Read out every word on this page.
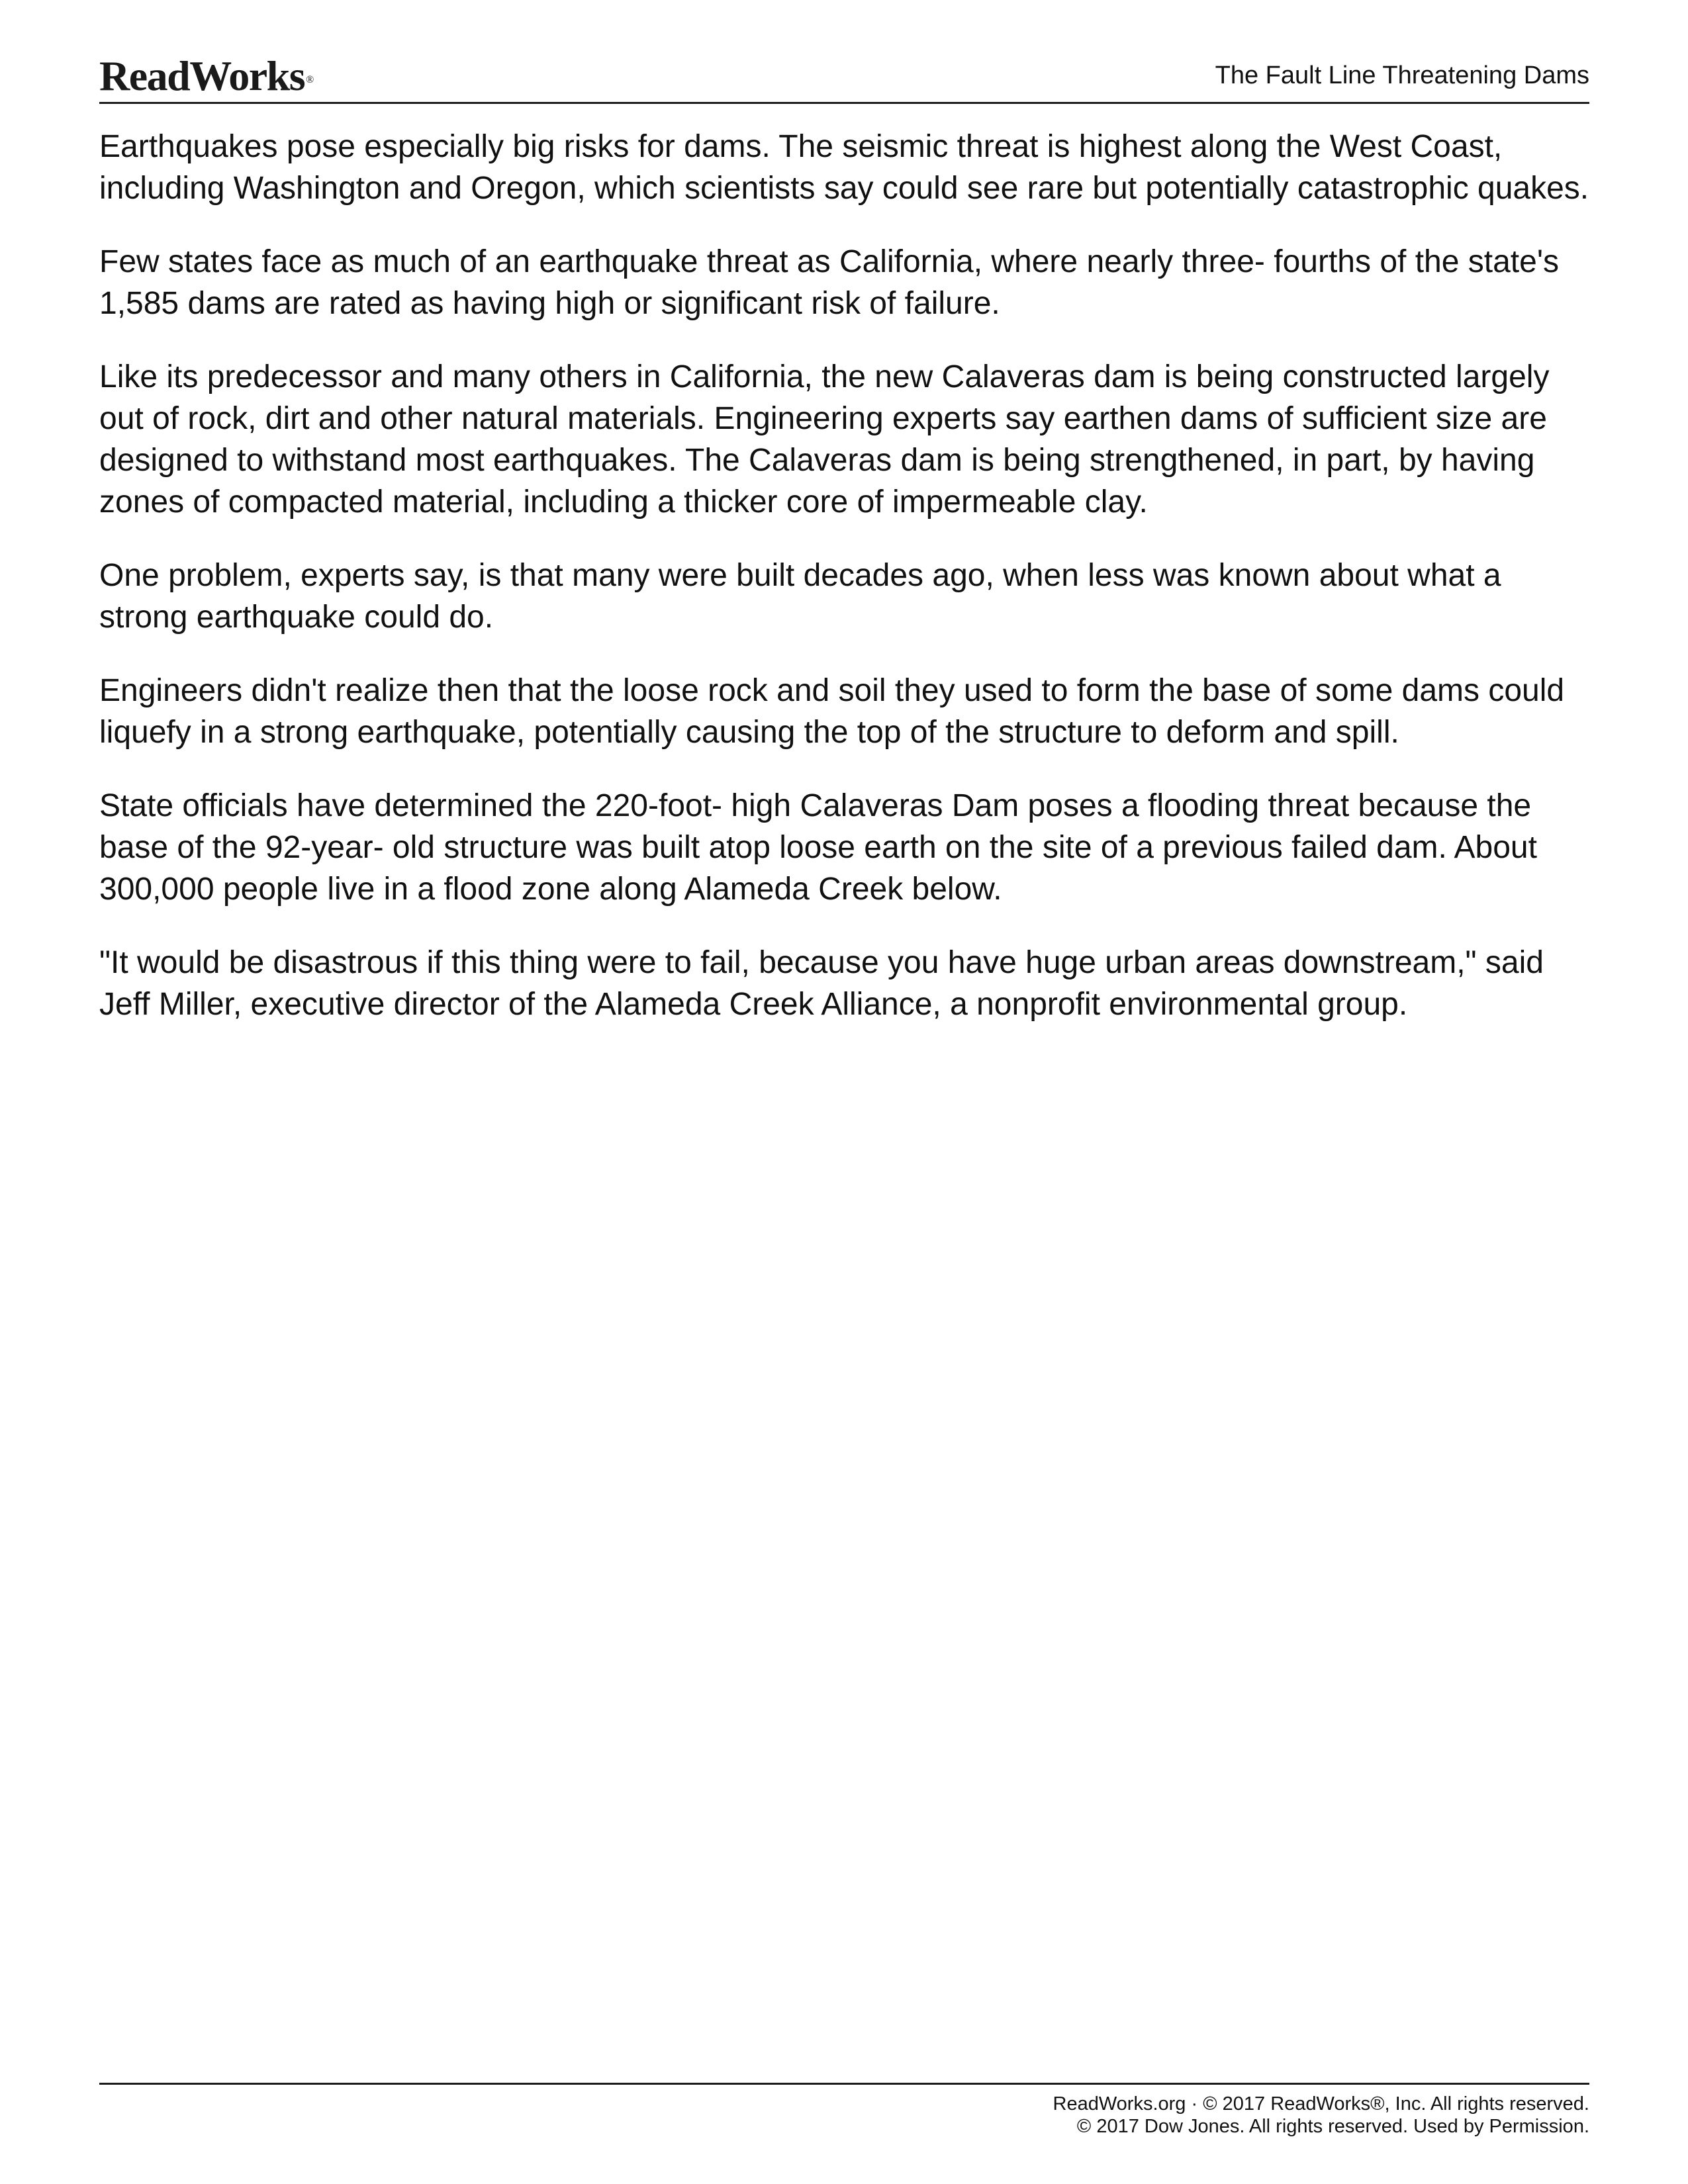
ReadWorks ®	The Fault Line Threatening Dams

Earthquakes pose especially big risks for dams. The seismic threat is highest along the West Coast, including Washington and Oregon, which scientists say could see rare but potentially catastrophic quakes.

Few states face as much of an earthquake threat as California, where nearly three- fourths of the state's 1,585 dams are rated as having high or significant risk of failure.

Like its predecessor and many others in California, the new Calaveras dam is being constructed largely out of rock, dirt and other natural materials. Engineering experts say earthen dams of sufficient size are designed to withstand most earthquakes. The Calaveras dam is being strengthened, in part, by having zones of compacted material, including a thicker core of impermeable clay.

One problem, experts say, is that many were built decades ago, when less was known about what a strong earthquake could do.

Engineers didn't realize then that the loose rock and soil they used to form the base of some dams could liquefy in a strong earthquake, potentially causing the top of the structure to deform and spill.

State officials have determined the 220-foot- high Calaveras Dam poses a flooding threat because the base of the 92-year- old structure was built atop loose earth on the site of a previous failed dam. About 300,000 people live in a flood zone along Alameda Creek below.

"It would be disastrous if this thing were to fail, because you have huge urban areas downstream," said Jeff Miller, executive director of the Alameda Creek Alliance, a nonprofit environmental group.

ReadWorks.org · © 2017 ReadWorks®, Inc. All rights reserved.
© 2017 Dow Jones. All rights reserved. Used by Permission.
